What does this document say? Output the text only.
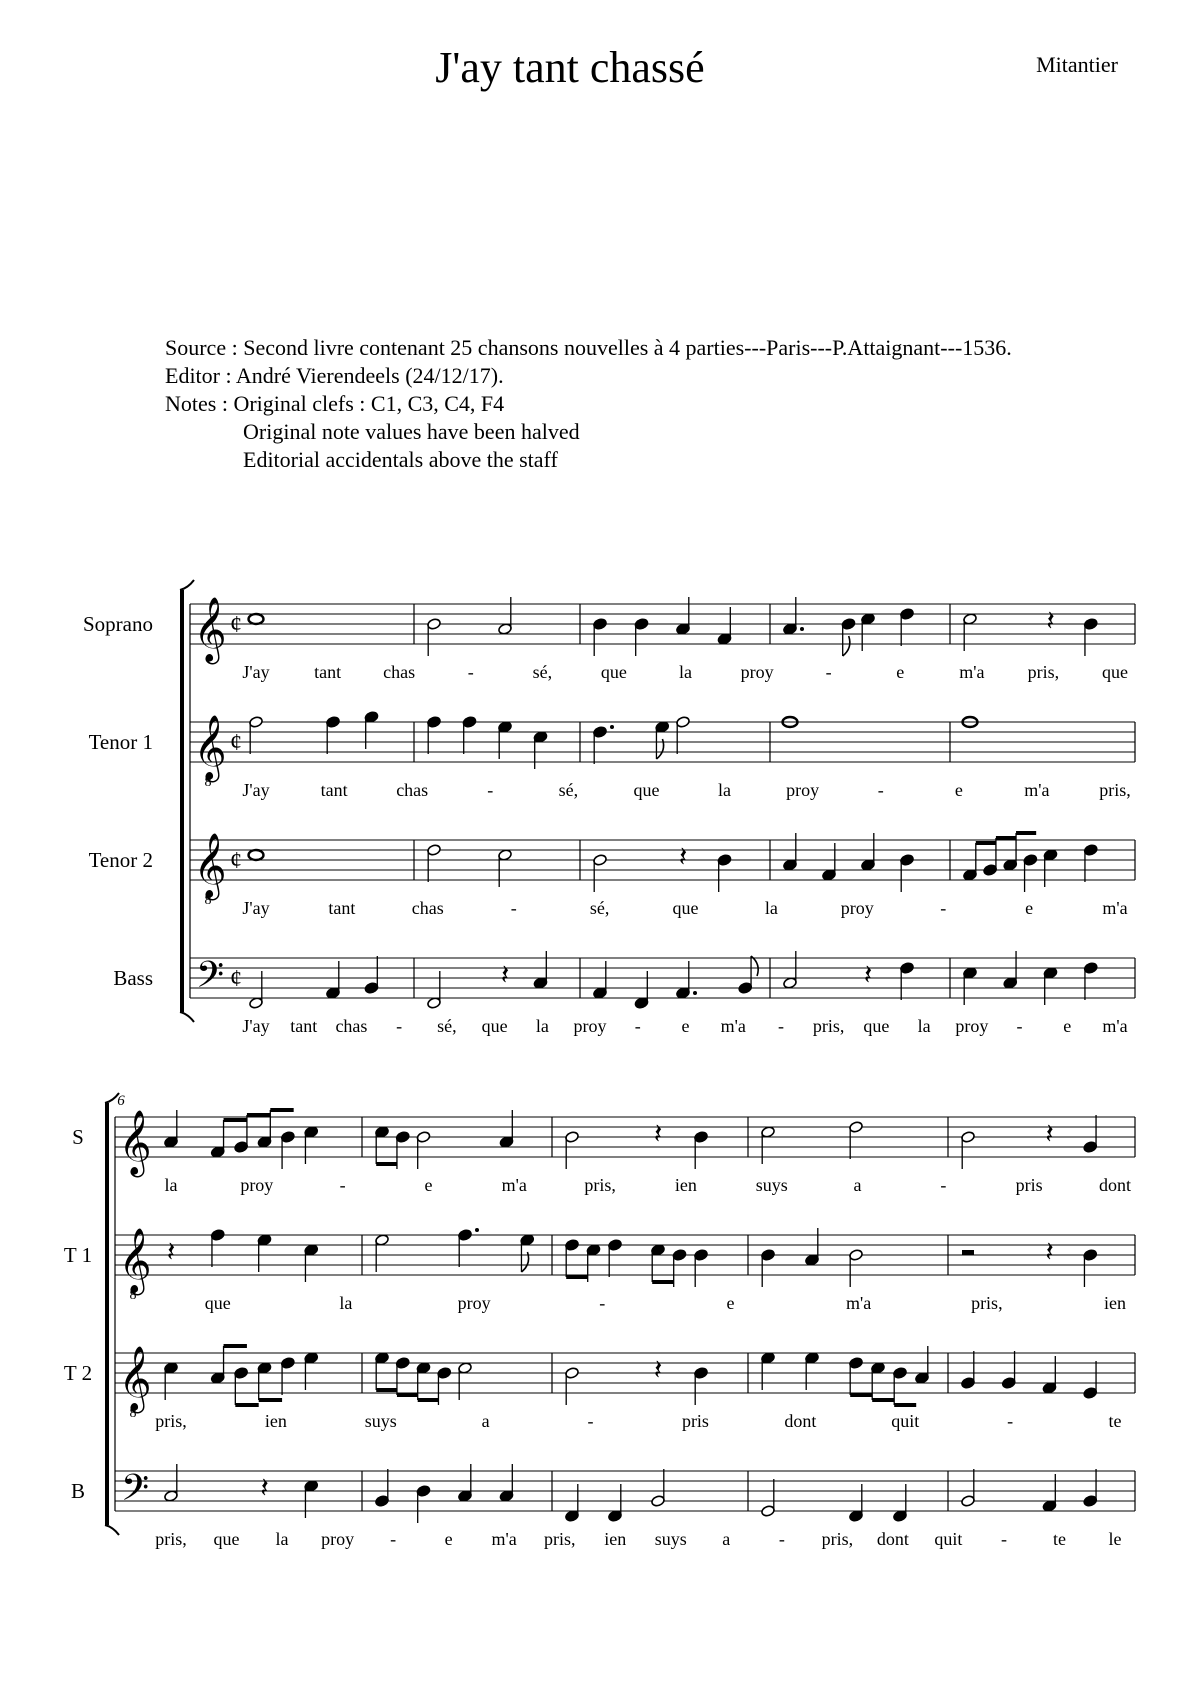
J'ay tant chassé	Mitantier
Source : Second livre contenant 25 chansons nouvelles à 4 parties---Paris---P.Attaignant---1536.
Editor : André Vierendeels (24/12/17).
Notes : Original clefs : C1, C3, C4, F4
Original note values have been halved
Editorial accidentals above the staff
Soprano 𝄞 ¢	𝄽
J'ay tant chas	-	sé,	que	la	proy	-	e	m'a pris, que
Tenor 1 𝄞
8
¢
J'ay	tant	chas	-	sé,	que	la	proy	-	e	m'a	pris,
Tenor 2 𝄞
8
¢	𝄽
J'ay	tant	chas	-	sé,	que	la	proy	-	e	m'a
Bass 𝄢 ¢	𝄽	𝄽
J'ay tant chas - sé, que la proy - e m'a - pris, que la proy - e m'a
6
S 𝄞	𝄽	𝄽
la	proy	-	e	m'a	pris,	ien	suys	a	-	pris	dont
T 1 𝄞
8
𝄽	𝄽
que	la	proy	-	e	m'a	pris,	ien
T 2 𝄞
8
𝄽
pris,	ien	suys	a	-	pris	dont	quit	-	te
B 𝄢	𝄽
pris, que la proy -	e m'a pris, ien suys a	- pris, dont quit -	te le
